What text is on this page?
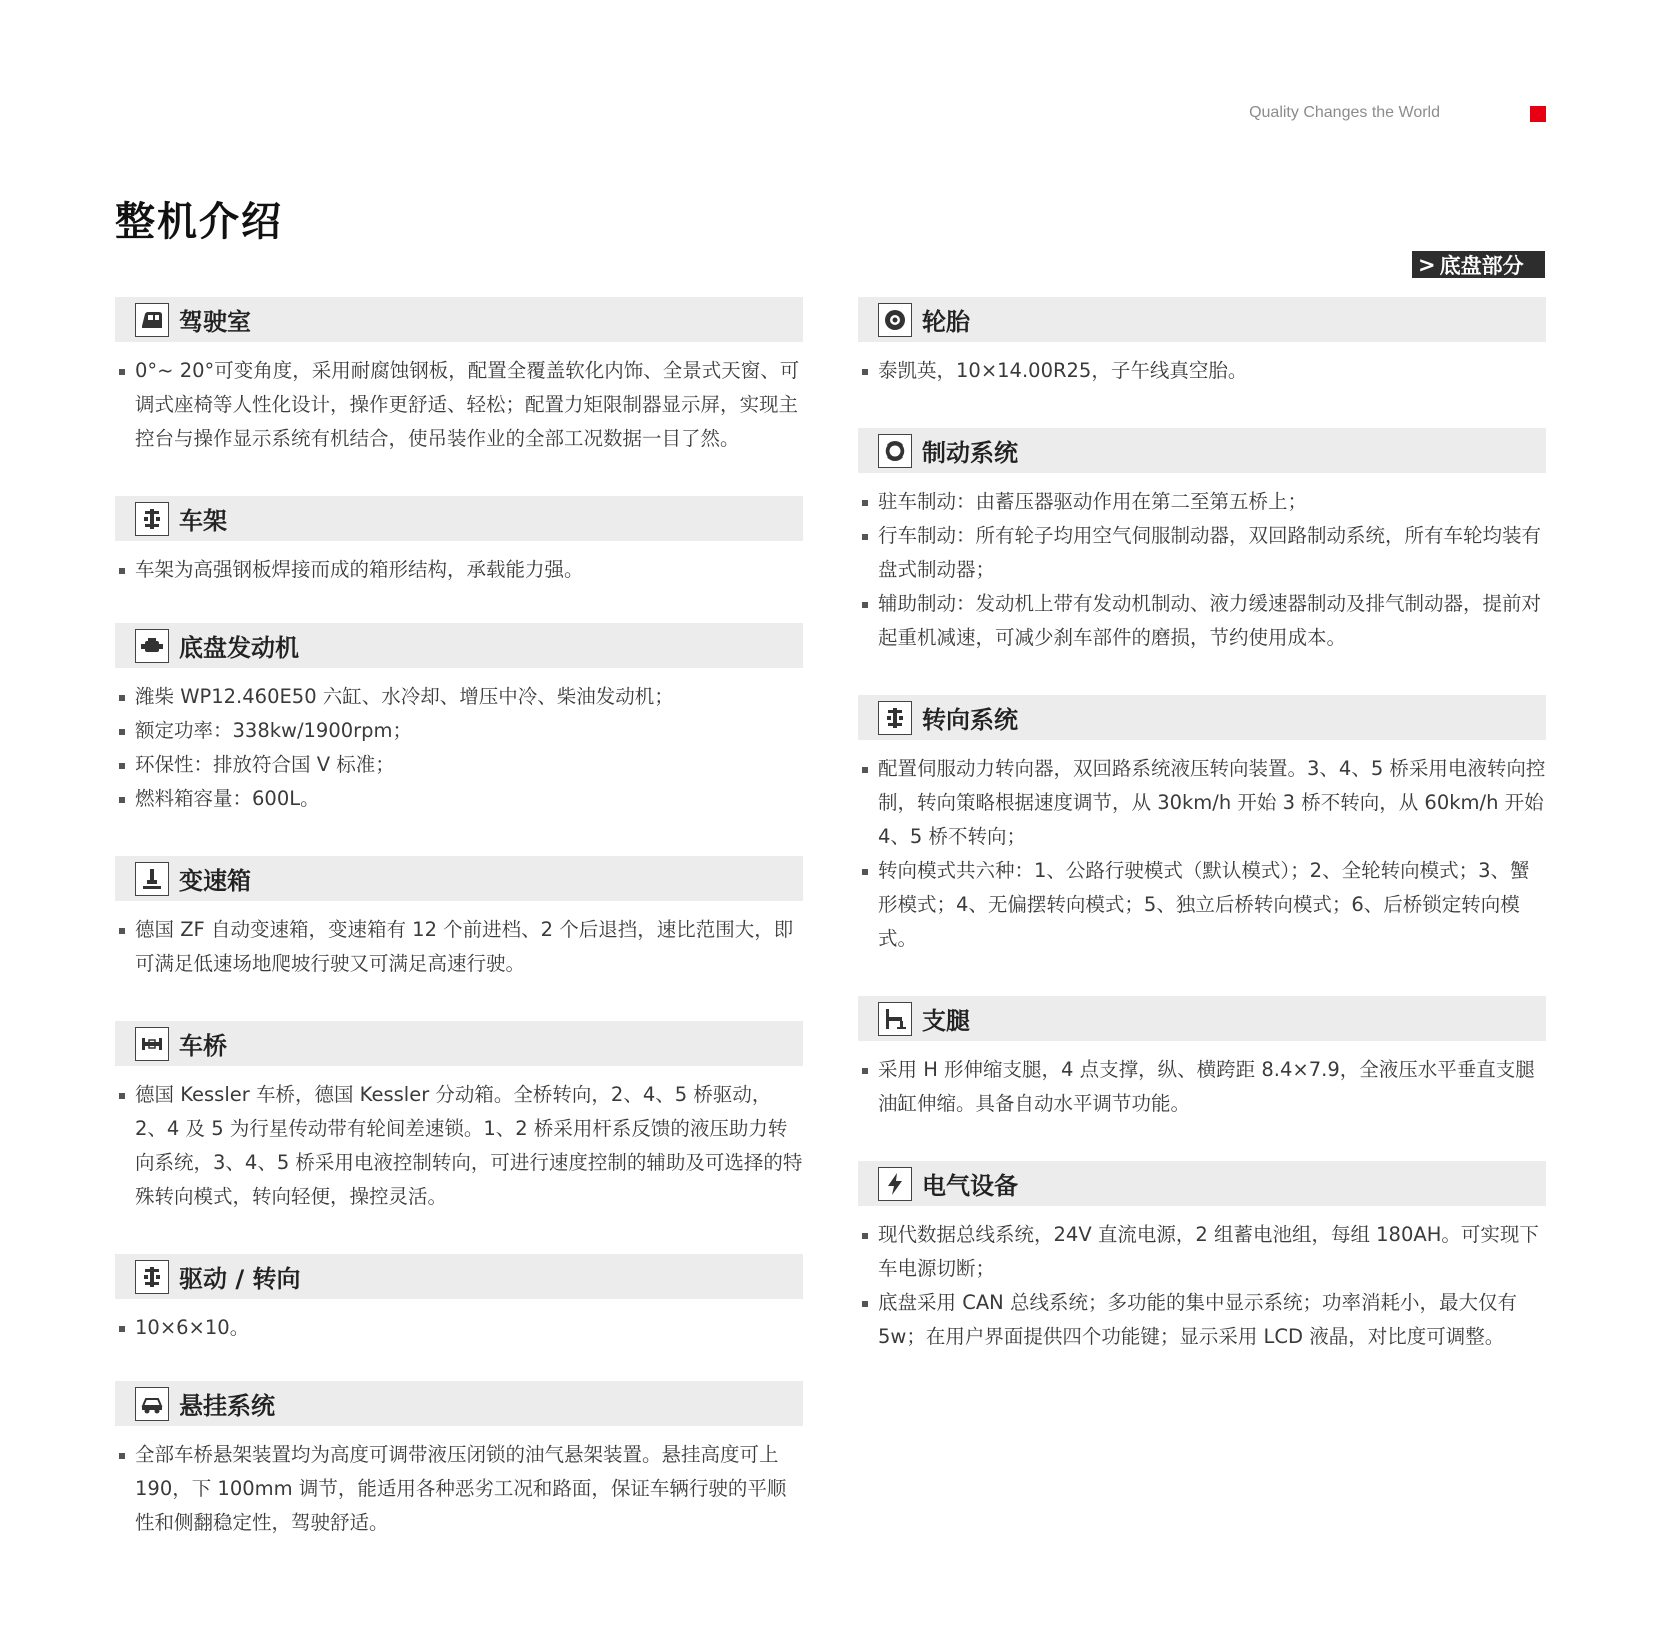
Quality Changes the World
整机介绍
> 底盘部分
驾驶室
0°~ 20°可变角度，采用耐腐蚀钢板，配置全覆盖软化内饰、全景式天窗、可调式座椅等人性化设计，操作更舒适、轻松；配置力矩限制器显示屏，实现主控台与操作显示系统有机结合，使吊装作业的全部工况数据一目了然。
车架
车架为高强钢板焊接而成的箱形结构，承载能力强。
底盘发动机
潍柴 WP12.460E50 六缸、水冷却、增压中冷、柴油发动机；
额定功率：338kw/1900rpm；
环保性：排放符合国 V 标准；
燃料箱容量：600L。
变速箱
德国 ZF 自动变速箱，变速箱有 12 个前进档、2 个后退挡，速比范围大，即可满足低速场地爬坡行驶又可满足高速行驶。
车桥
德国 Kessler 车桥，德国 Kessler 分动箱。全桥转向，2、4、5 桥驱动，2、4 及 5 为行星传动带有轮间差速锁。1、2 桥采用杆系反馈的液压助力转向系统，3、4、5 桥采用电液控制转向，可进行速度控制的辅助及可选择的特殊转向模式，转向轻便，操控灵活。
驱动 / 转向
10×6×10。
悬挂系统
全部车桥悬架装置均为高度可调带液压闭锁的油气悬架装置。悬挂高度可上 190，下 100mm 调节，能适用各种恶劣工况和路面，保证车辆行驶的平顺性和侧翻稳定性，驾驶舒适。
轮胎
泰凯英，10×14.00R25，子午线真空胎。
制动系统
驻车制动：由蓄压器驱动作用在第二至第五桥上；
行车制动：所有轮子均用空气伺服制动器，双回路制动系统，所有车轮均装有盘式制动器；
辅助制动：发动机上带有发动机制动、液力缓速器制动及排气制动器，提前对起重机减速，可减少刹车部件的磨损，节约使用成本。
转向系统
配置伺服动力转向器，双回路系统液压转向装置。3、4、5 桥采用电液转向控制，转向策略根据速度调节，从 30km/h 开始 3 桥不转向，从 60km/h 开始 4、5 桥不转向；
转向模式共六种：1、公路行驶模式（默认模式）；2、全轮转向模式；3、蟹形模式；4、无偏摆转向模式；5、独立后桥转向模式；6、后桥锁定转向模式。
支腿
采用 H 形伸缩支腿，4 点支撑，纵、横跨距 8.4×7.9，全液压水平垂直支腿油缸伸缩。具备自动水平调节功能。
电气设备
现代数据总线系统，24V 直流电源，2 组蓄电池组，每组 180AH。可实现下车电源切断；
底盘采用 CAN 总线系统；多功能的集中显示系统；功率消耗小，最大仅有 5w；在用户界面提供四个功能键；显示采用 LCD 液晶，对比度可调整。
